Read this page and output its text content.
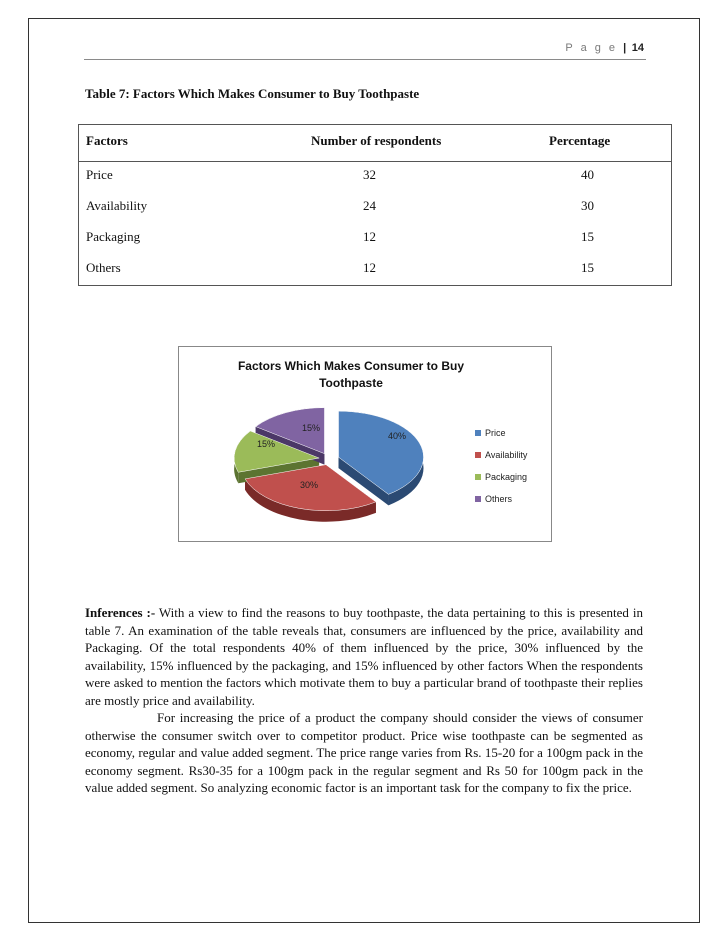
P a g e | 14
Table 7: Factors Which Makes Consumer to Buy Toothpaste
Factors	Number of respondents	Percentage
Price	32	40
Availability	24	30
Packaging	12	15
Others	12	15
Factors Which Makes Consumer to Buy
Toothpaste
40%
30%
15%
15%	Price
Availability
Packaging
Others

Inferences :- With a view to find the reasons to buy toothpaste, the data pertaining to this is presented in table 7. An examination of the table reveals that, consumers are influenced by the price, availability and Packaging. Of the total respondents 40% of them influenced by the price, 30% influenced by the availability, 15% influenced by the packaging, and 15% influenced by other factors When the respondents were asked to mention the factors which motivate them to buy a particular brand of toothpaste their replies are mostly price and availability.

For increasing the price of a product the company should consider the views of consumer otherwise the consumer switch over to competitor product. Price wise toothpaste can be segmented as economy, regular and value added segment. The price range varies from Rs. 15-20 for a 100gm pack in the economy segment. Rs30-35 for a 100gm pack in the regular segment and Rs 50 for 100gm pack in the value added segment. So analyzing economic factor is an important task for the company to fix the price.
